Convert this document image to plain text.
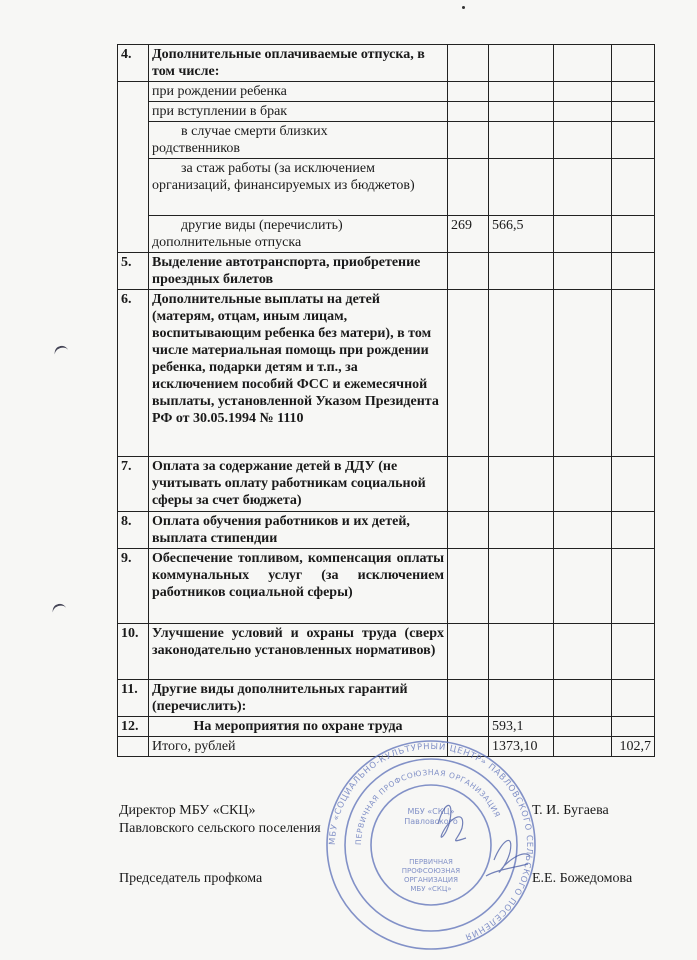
4.	Дополнительные оплачиваемые отпуска, в том числе:				
	при рождении ребенка				
	при вступлении в брак				

	в случае смерти близких
родственников				

	за стаж работы (за исключением
организаций, финансируемых из бюджетов)				

	другие виды (перечислить)
дополнительные отпуска	269	566,5		
5.	Выделение автотранспорта, приобретение проездных билетов				
6.	Дополнительные выплаты на детей (матерям, отцам, иным лицам, воспитывающим ребенка без матери), в том числе материальная помощь при рождении ребенка, подарки детям и т.п., за исключением пособий ФСС и ежемесячной выплаты, установленной Указом Президента РФ от 30.05.1994 № 1110				
7.	Оплата за содержание детей в ДДУ (не учитывать оплату работникам социальной сферы за счет бюджета)				
8.	Оплата обучения работников и их детей, выплата стипендии				
9.	Обеспечение топливом, компенсация оплаты коммунальных услуг (за исключением работников социальной сферы)				
10.	Улучшение условий и охраны труда (сверх законодательно установленных нормативов)				
11.	Другие виды дополнительных гарантий (перечислить):				
12.	На мероприятия по охране труда		593,1		
	Итого, рублей		1373,10		102,7
Директор МБУ «СКЦ»
Павловского сельского поселения
Т. И. Бугаева
Председатель профкома	Е.Е. Божедомова
МБУ «СОЦИАЛЬНО-КУЛЬТУРНЫЙ ЦЕНТР» ПАВЛОВСКОГО СЕЛЬСКОГО ПОСЕЛЕНИЯ
ПЕРВИЧНАЯ ПРОФСОЮЗНАЯ ОРГАНИЗАЦИЯ
МБУ «СКЦ»
Павловского
ПЕРВИЧНАЯ
ПРОФСОЮЗНАЯ
ОРГАНИЗАЦИЯ
МБУ «СКЦ»
